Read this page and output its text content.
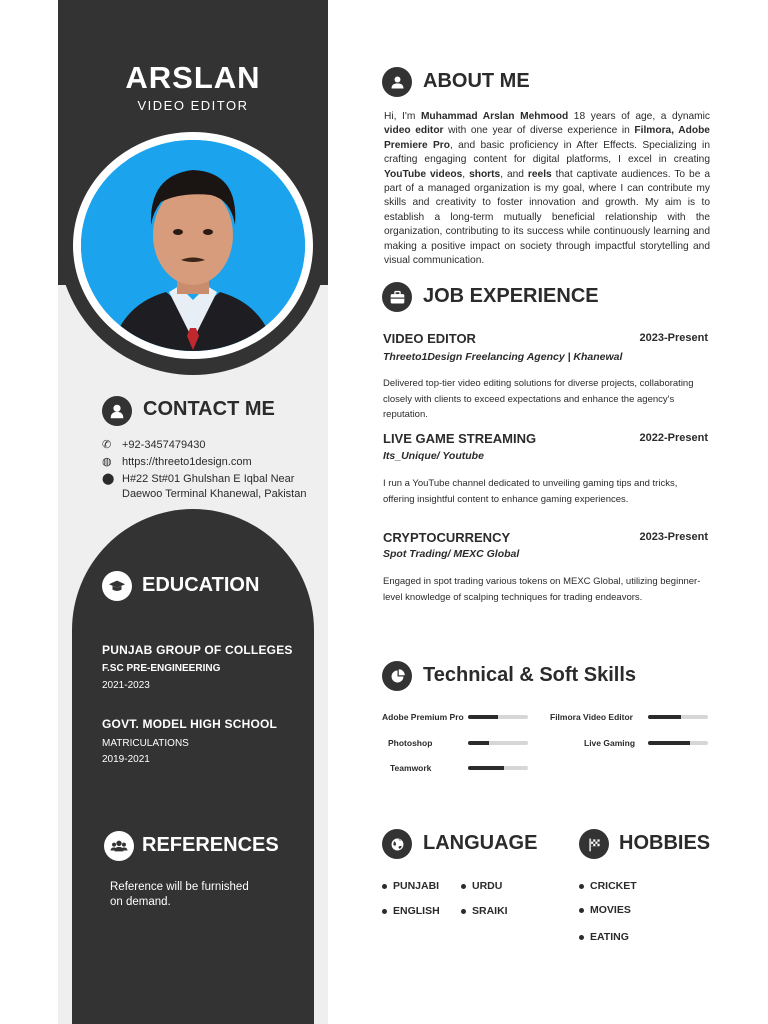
ARSLAN
VIDEO EDITOR
CONTACT ME
✆ +92-3457479430
◍ https://threeto1design.com
⬤ H#22 St#01 Ghulshan E Iqbal Near
Daewoo Terminal Khanewal, Pakistan
EDUCATION
PUNJAB GROUP OF COLLEGES
F.SC PRE-ENGINEERING
2021-2023
GOVT. MODEL HIGH SCHOOL
MATRICULATIONS
2019-2021
REFERENCES
Reference will be furnished
on demand.
ABOUT ME
Hi, I'm Muhammad Arslan Mehmood 18 years of age, a dynamic video editor with one year of diverse experience in Filmora, Adobe Premiere Pro, and basic proficiency in After Effects. Specializing in crafting engaging content for digital platforms, I excel in creating YouTube videos, shorts, and reels that captivate audiences. To be a part of a managed organization is my goal, where I can contribute my skills and creativity to foster innovation and growth. My aim is to establish a long-term mutually beneficial relationship with the organization, contributing to its success while continuously learning and making a positive impact on society through impactful storytelling and visual communication.
JOB EXPERIENCE
VIDEO EDITOR	2023-Present
Threeto1Design Freelancing Agency | Khanewal
Delivered top-tier video editing solutions for diverse projects, collaborating closely with clients to exceed expectations and enhance the agency's reputation.
LIVE GAME STREAMING	2022-Present
Its_Unique/ Youtube
I run a YouTube channel dedicated to unveiling gaming tips and tricks, offering insightful content to enhance gaming experiences.
CRYPTOCURRENCY	2023-Present
Spot Trading/ MEXC Global
Engaged in spot trading various tokens on MEXC Global, utilizing beginner-level knowledge of scalping techniques for trading endeavors.
Technical & Soft Skills
Adobe Premium Pro	Filmora Video Editor
Photoshop	Live Gaming
Teamwork
LANGUAGE
PUNJABI	URDU
ENGLISH	SRAIKI
HOBBIES
CRICKET
MOVIES
EATING
